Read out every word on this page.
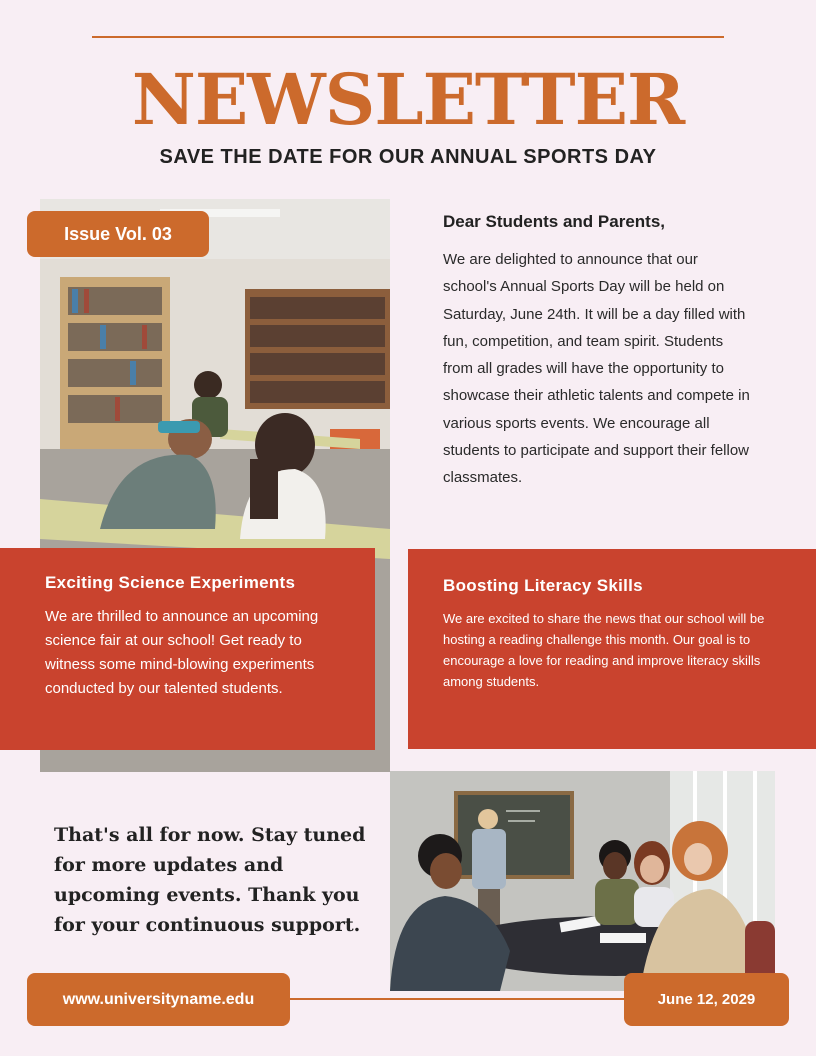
NEWSLETTER
SAVE THE DATE FOR OUR ANNUAL SPORTS DAY
Issue Vol. 03
Dear Students and Parents,

We are delighted to announce that our school's Annual Sports Day will be held on Saturday, June 24th. It will be a day filled with fun, competition, and team spirit. Students from all grades will have the opportunity to showcase their athletic talents and compete in various sports events. We encourage all students to participate and support their fellow classmates.

Exciting Science Experiments

We are thrilled to announce an upcoming science fair at our school! Get ready to witness some mind-blowing experiments conducted by our talented students.

Boosting Literacy Skills

We are excited to share the news that our school will be hosting a reading challenge this month. Our goal is to encourage a love for reading and improve literacy skills among students.

That's all for now. Stay tuned for more updates and upcoming events. Thank you for your continuous support.

www.universityname.edu	June 12, 2029
